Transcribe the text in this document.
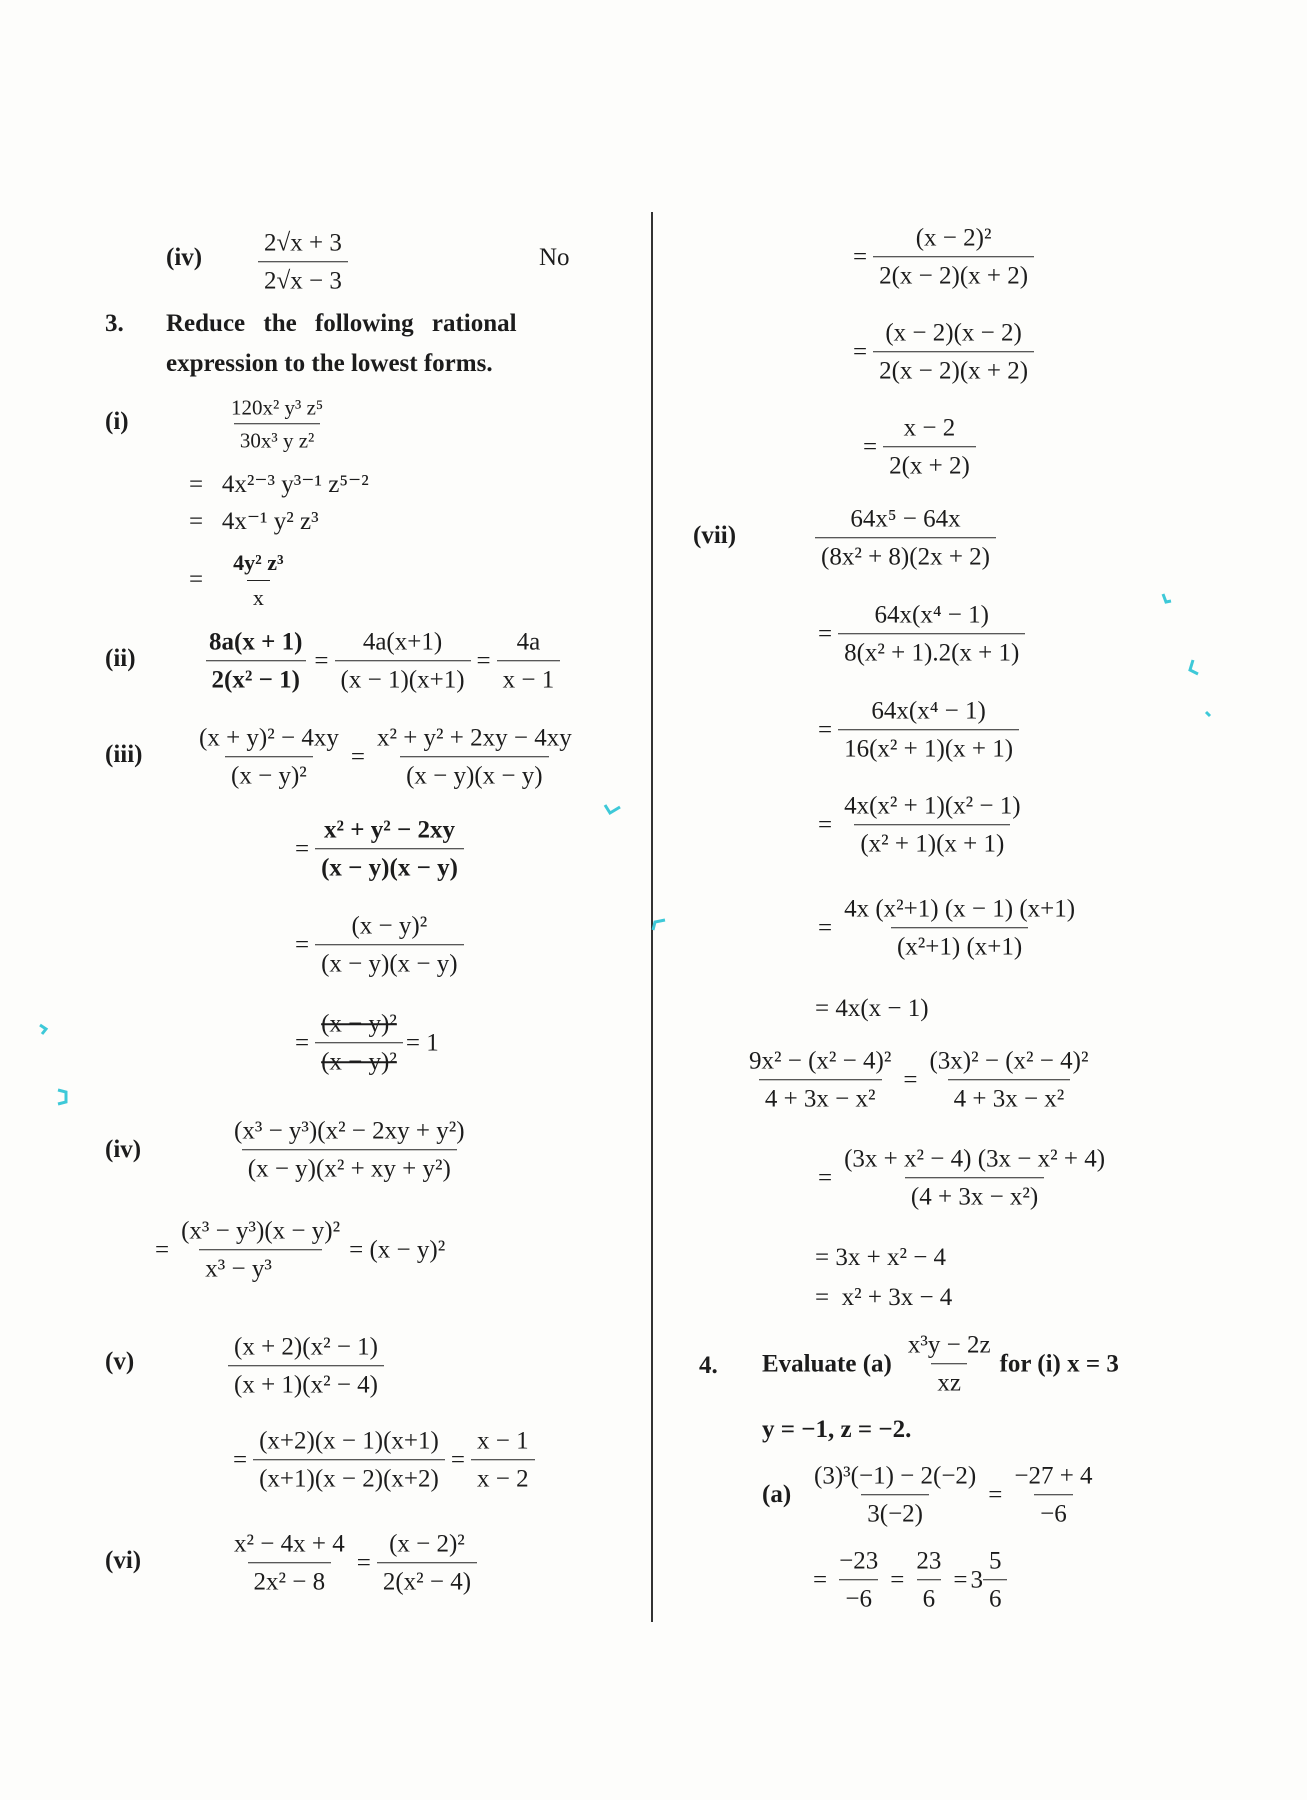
$(iv) \frac{2√x + 3}{2√x - 3}$	No
3. Reduce the following rational
expression to the lowest forms.
(i)	$\frac{\text{120x² y³ z⁵}}{\text{30x³ y z²}}$
=   4x²⁻³ y³⁻¹ z⁵⁻²
=   4x⁻¹ y² z³
= $\frac{\text{4y² z³}}{x}$
(ii)	$\frac{8a(x + 1)}{\text{2(x² − 1)}} = \frac{4a(x+1)}{(x - 1)(x+1)} = \frac{4a}{x - 1}$
$(iii) \frac{\text{(x + y)² − 4xy}}{\text{(x − y)²}} = \frac{\text{x² + y² + 2xy − 4xy}}{(x - y)(x - y)}$
= $\frac{\text{x² + y² − 2xy}}{(x - y)(x - y)}$
= $\frac{\text{(x − y)²}}{(x - y)(x - y)}$
= $\frac{\text{(x − y)²}}{\text{(x − y)²}} = 1$
(iv)	$\frac{\text{(x³ − y³)(x² − 2xy + y²)}}{\text{(x − y)(x² + xy + y²)}}$
= $\frac{\text{(x³ − y³)(x − y)²}}{\text{x³ − y³}} = (x - y)^2$
(v)	$\frac{\text{(x + 2)(x² − 1)}}{\text{(x + 1)(x² − 4)}}$
= $\frac{(x+2)(x - 1)(x+1)}{(x+1)(x - 2)(x+2)} = \frac{x - 1}{x - 2}$
(vi)	$\frac{\text{x² − 4x + 4}}{\text{2x² − 8}} = \frac{\text{(x − 2)²}}{\text{2(x² − 4)}}$
= $\frac{\text{(x − 2)²}}{2(x - 2)(x + 2)}$
= $\frac{(x - 2)(x - 2)}{2(x - 2)(x + 2)}$
= $\frac{x - 2}{2(x + 2)}$
(vii)	$\frac{\text{64x⁵ − 64x}}{\text{(8x² + 8)(2x + 2)}}$
= $\frac{\text{64x(x⁴ − 1)}}{\text{8(x² + 1).2(x + 1)}}$
= $\frac{\text{64x(x⁴ − 1)}}{\text{16(x² + 1)(x + 1)}}$
= $\frac{\text{4x(x² + 1)(x² − 1)}}{\text{(x² + 1)(x + 1)}}$
= $\frac{\text{4x (x²+1) (x − 1) (x+1)}}{\text{(x²+1) (x+1)}}$
= 4x(x − 1)
$\frac{\text{9x² − (x² − 4)²}}{\text{4 + 3x − x²}} = \frac{\text{(3x)² − (x² − 4)²}}{\text{4 + 3x − x²}}$
= $\frac{\text{(3x + x² − 4) (3x − x² + 4)}}{\text{(4 + 3x − x²)}}$
= 3x + x² − 4
=  x² + 3x − 4
4. Evaluate $(a) \frac{\text{x³y − 2z}}{xz}$ for (i) x = 3
y = −1, z = −2.
$(a) \frac{\text{(3)³(−1) − 2(−2)}}{3(-2)} = \frac{-27 + 4}{-6}$
= $\frac{-23}{-6} = \frac{23}{6} = 3 \frac{5}{6}$
